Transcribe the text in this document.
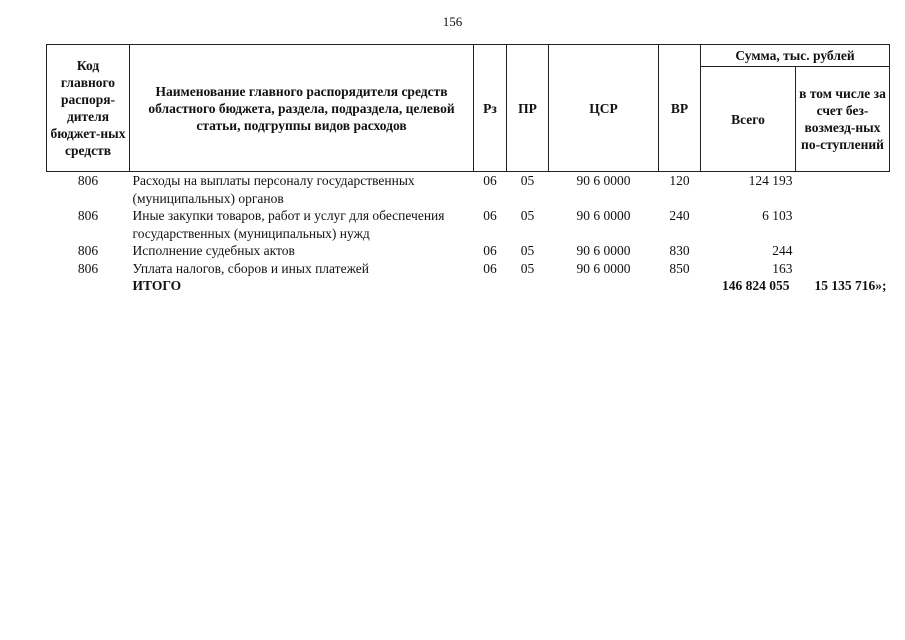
156
Код главного распоря-дителя бюджет-ных средств	Наименование главного распорядителя средств областного бюджета, раздела, подраздела, целевой статьи, подгруппы видов расходов	Рз	ПР	ЦСР	ВР	Сумма, тыс. рублей	
						Всего	в том числе за счет без-возмезд-ных по-ступлений
806	Расходы на выплаты персоналу государственных (муниципальных) органов	06	05	90 6 0000	120	124 193	
806	Иные закупки товаров, работ и услуг для обеспечения государственных (муниципальных) нужд	06	05	90 6 0000	240	6 103	
806	Исполнение судебных актов	06	05	90 6 0000	830	244	
806	Уплата налогов, сборов и иных платежей	06	05	90 6 0000	850	163	
	ИТОГО					146 824 055	15 135 716»;
